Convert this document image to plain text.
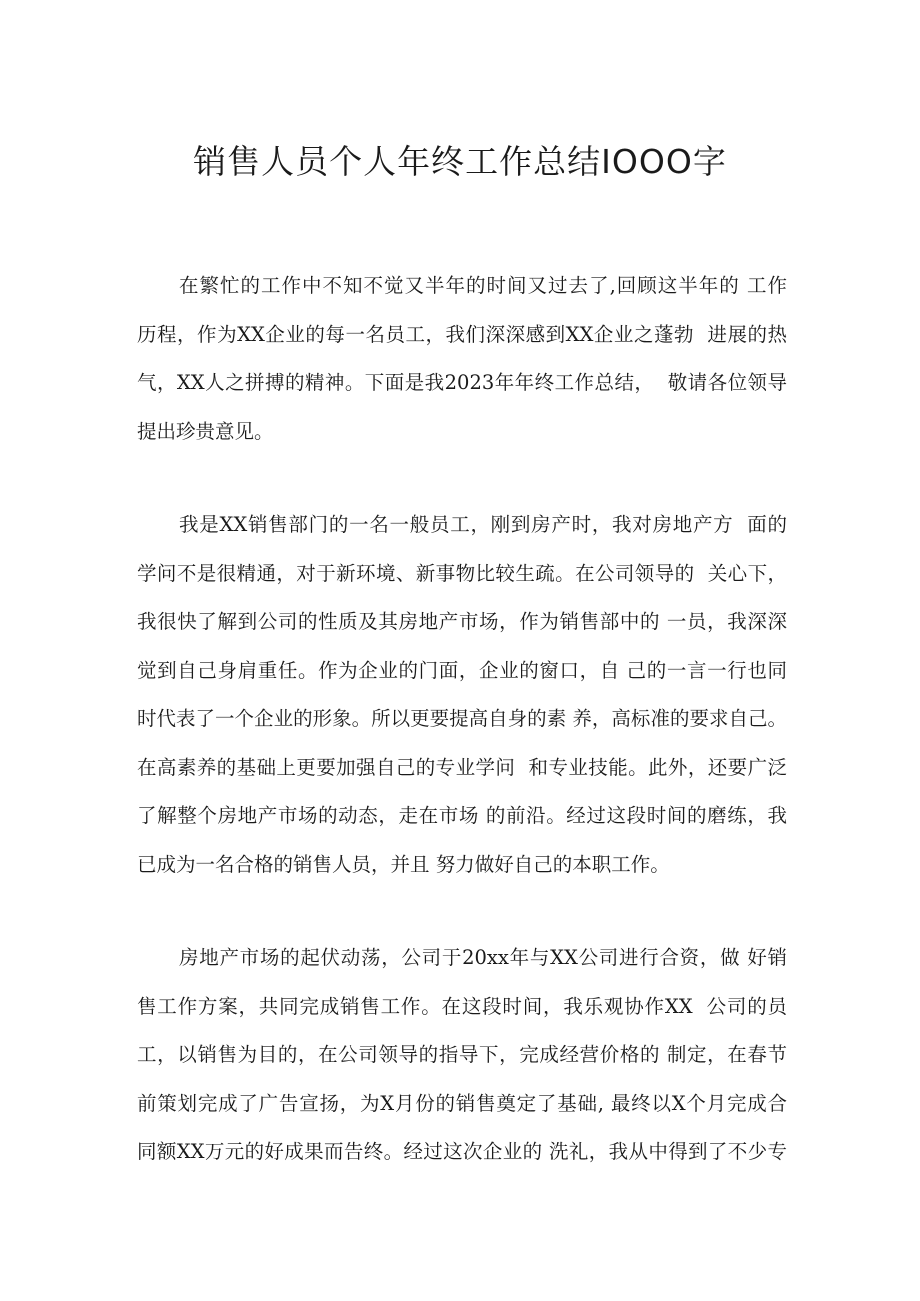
销售人员个人年终工作总结IOOO字
在繁忙的工作中不知不觉又半年的时间又过去了,回顾这半年的 工作
历程，作为XX企业的每一名员工，我们深深感到XX企业之蓬勃  进展的热
气，XX人之拼搏的精神。下面是我2023年年终工作总结，  敬请各位领导
提出珍贵意见。
我是XX销售部门的一名一般员工，刚到房产时，我对房地产方  面的
学问不是很精通，对于新环境、新事物比较生疏。在公司领导的  关心下，
我很快了解到公司的性质及其房地产市场，作为销售部中的 一员，我深深
觉到自己身肩重任。作为企业的门面，企业的窗口，自 己的一言一行也同
时代表了一个企业的形象。所以更要提高自身的素 养，高标准的要求自己。
在高素养的基础上更要加强自己的专业学问  和专业技能。此外，还要广泛
了解整个房地产市场的动态，走在市场 的前沿。经过这段时间的磨练，我
已成为一名合格的销售人员，并且 努力做好自己的本职工作。
房地产市场的起伏动荡，公司于20xx年与XX公司进行合资，做 好销
售工作方案，共同完成销售工作。在这段时间，我乐观协作XX  公司的员
工，以销售为目的，在公司领导的指导下，完成经营价格的 制定，在春节
前策划完成了广告宣扬，为X月份的销售奠定了基础, 最终以X个月完成合
同额XX万元的好成果而告终。经过这次企业的 洗礼，我从中得到了不少专
